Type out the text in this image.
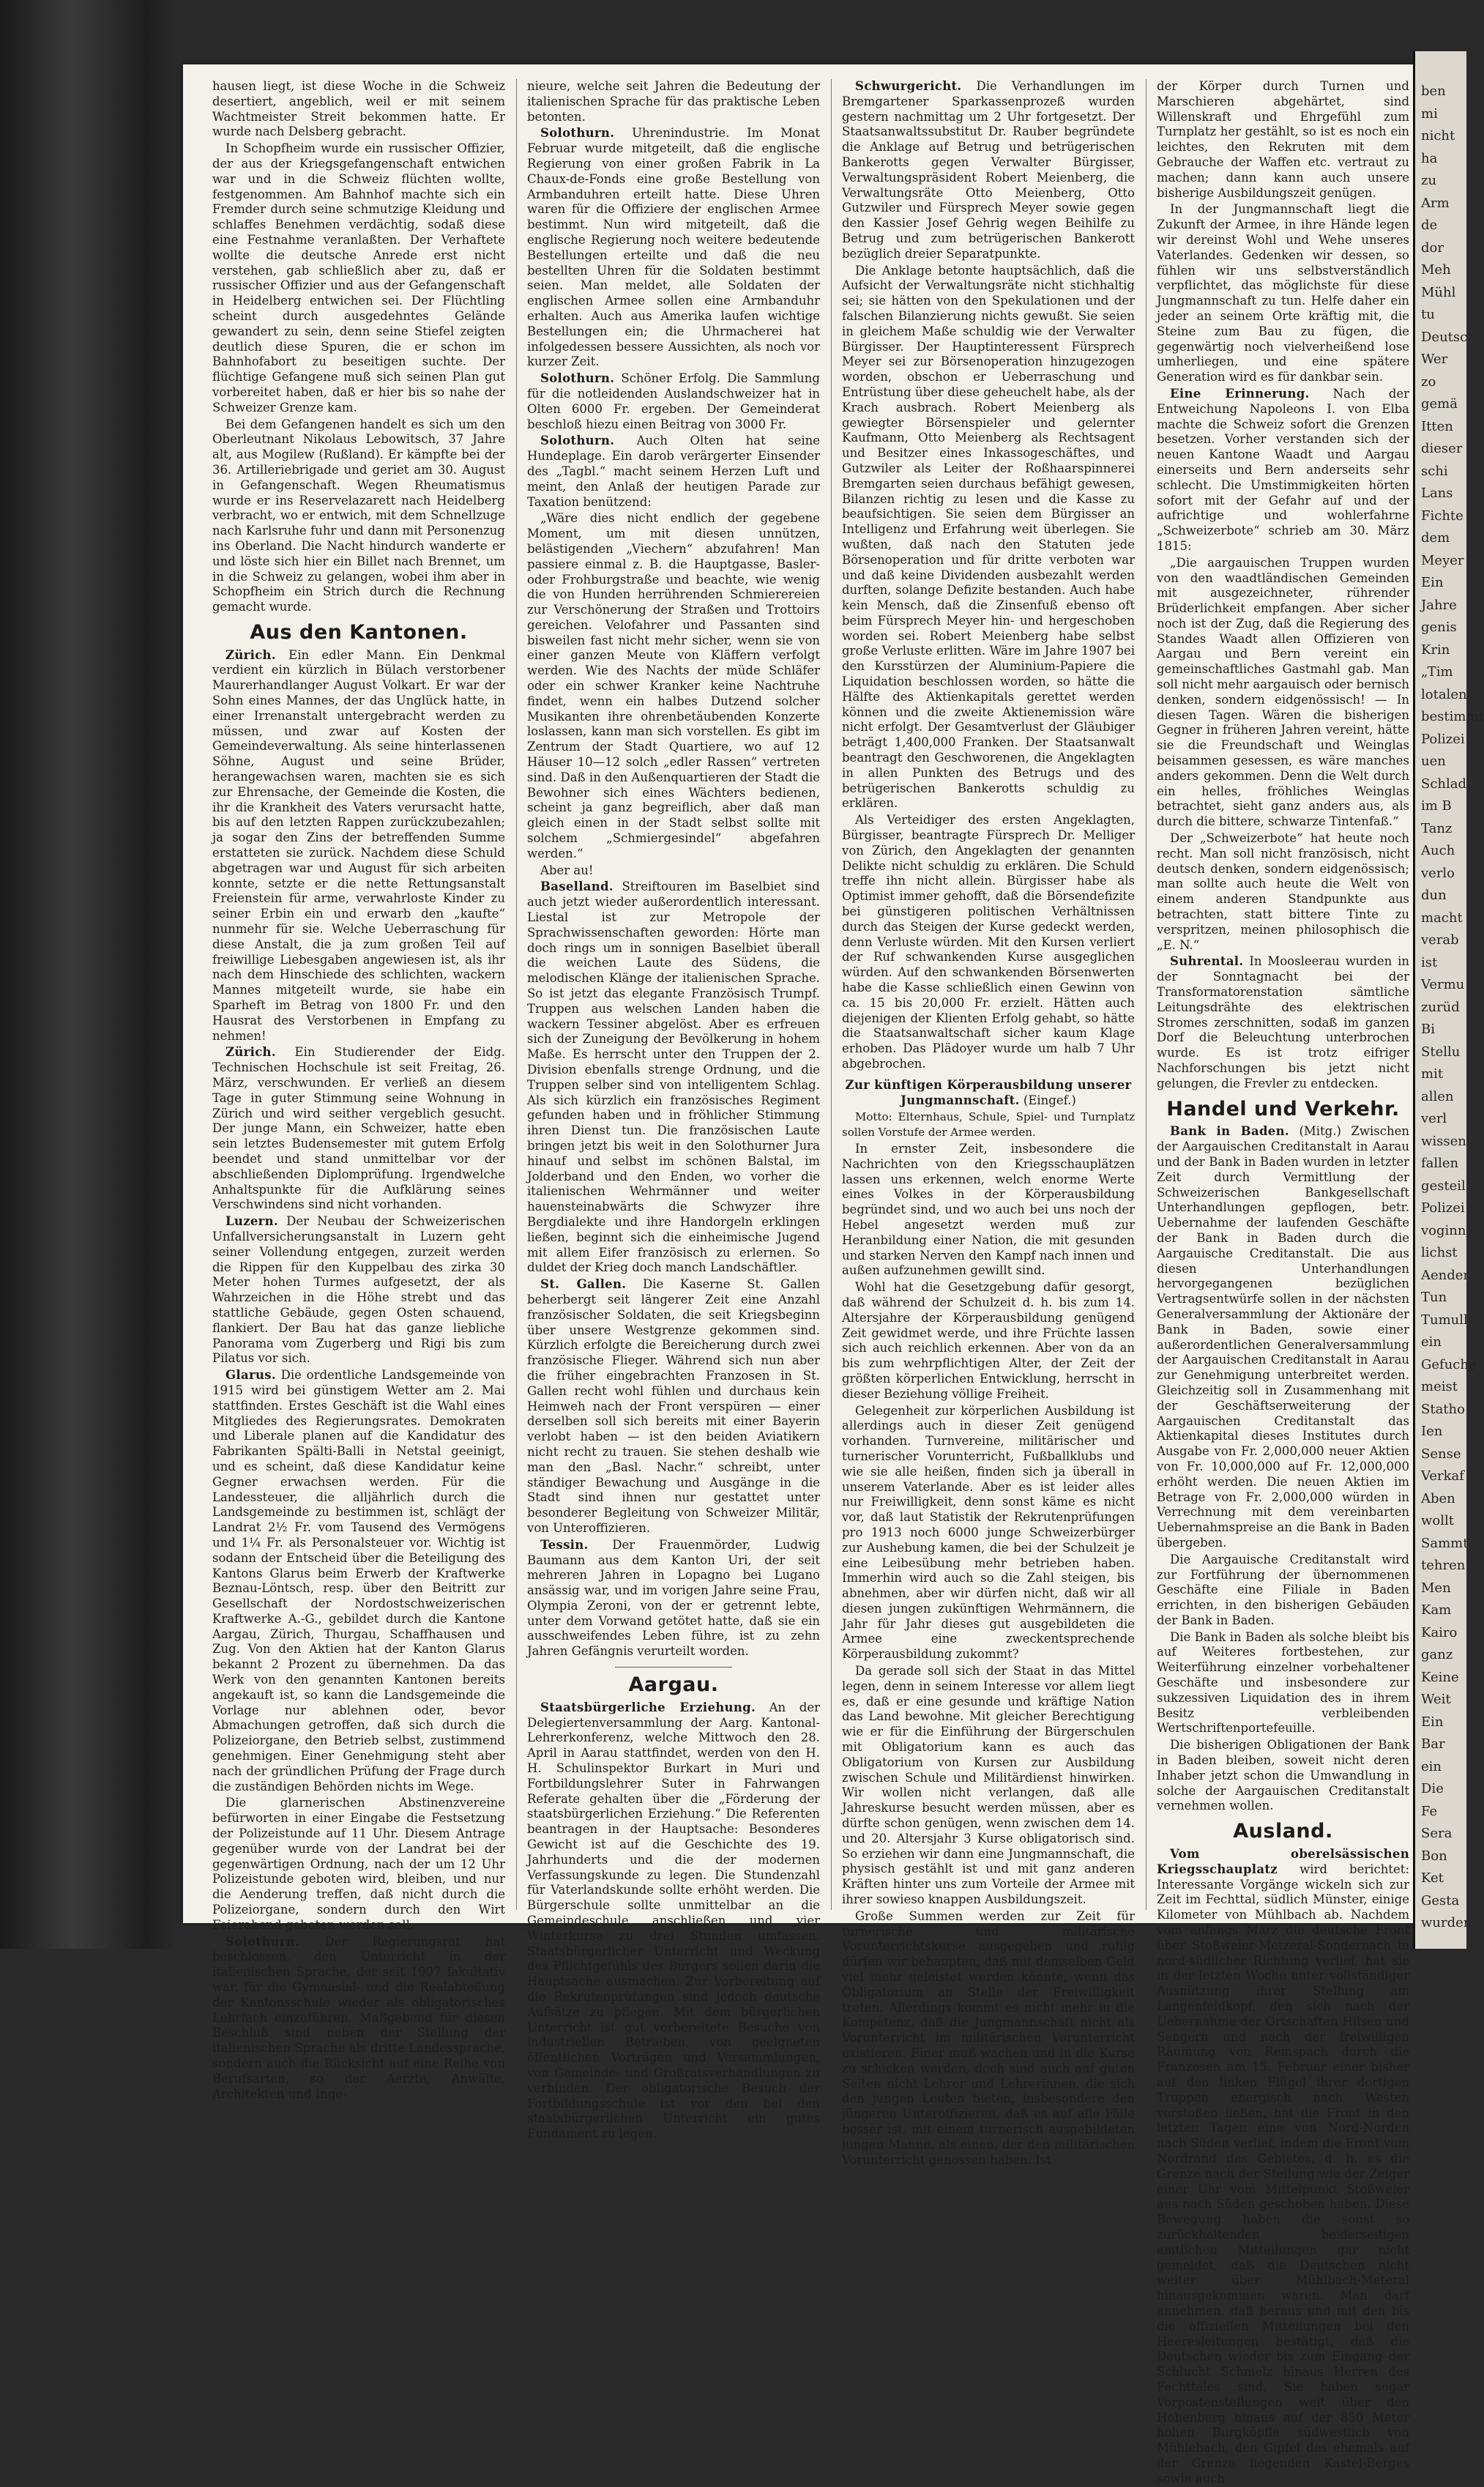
hausen liegt, ist diese Woche in die Schweiz desertiert, angeblich, weil er mit seinem Wachtmeister Streit bekommen hatte. Er wurde nach Delsberg gebracht.

In Schopfheim wurde ein russischer Offizier, der aus der Kriegsgefangenschaft entwichen war und in die Schweiz flüchten wollte, festgenommen. Am Bahnhof machte sich ein Fremder durch seine schmutzige Kleidung und schlaffes Benehmen verdächtig, sodaß diese eine Festnahme veranlaßten. Der Verhaftete wollte die deutsche Anrede erst nicht verstehen, gab schließlich aber zu, daß er russischer Offizier und aus der Gefangenschaft in Heidelberg entwichen sei. Der Flüchtling scheint durch ausgedehntes Gelände gewandert zu sein, denn seine Stiefel zeigten deutlich diese Spuren, die er schon im Bahnhofabort zu beseitigen suchte. Der flüchtige Gefangene muß sich seinen Plan gut vorbereitet haben, daß er hier bis so nahe der Schweizer Grenze kam.

Bei dem Gefangenen handelt es sich um den Oberleutnant Nikolaus Lebowitsch, 37 Jahre alt, aus Mogilew (Rußland). Er kämpfte bei der 36. Artilleriebrigade und geriet am 30. August in Gefangenschaft. Wegen Rheumatismus wurde er ins Reservelazarett nach Heidelberg verbracht, wo er entwich, mit dem Schnellzuge nach Karlsruhe fuhr und dann mit Personenzug ins Oberland. Die Nacht hindurch wanderte er und löste sich hier ein Billet nach Brennet, um in die Schweiz zu gelangen, wobei ihm aber in Schopfheim ein Strich durch die Rechnung gemacht wurde.

Aus den Kantonen.

Zürich. Ein edler Mann. Ein Denkmal verdient ein kürzlich in Bülach verstorbener Maurerhandlanger August Volkart. Er war der Sohn eines Mannes, der das Unglück hatte, in einer Irrenanstalt untergebracht werden zu müssen, und zwar auf Kosten der Gemeindeverwaltung. Als seine hinterlassenen Söhne, August und seine Brüder, herangewachsen waren, machten sie es sich zur Ehrensache, der Gemeinde die Kosten, die ihr die Krankheit des Vaters verursacht hatte, bis auf den letzten Rappen zurückzubezahlen; ja sogar den Zins der betreffenden Summe erstatteten sie zurück. Nachdem diese Schuld abgetragen war und August für sich arbeiten konnte, setzte er die nette Rettungsanstalt Freienstein für arme, verwahrloste Kinder zu seiner Erbin ein und erwarb den „kaufte“ nunmehr für sie. Welche Ueberraschung für diese Anstalt, die ja zum großen Teil auf freiwillige Liebesgaben angewiesen ist, als ihr nach dem Hinschiede des schlichten, wackern Mannes mitgeteilt wurde, sie habe ein Sparheft im Betrag von 1800 Fr. und den Hausrat des Verstorbenen in Empfang zu nehmen!

Zürich. Ein Studierender der Eidg. Technischen Hochschule ist seit Freitag, 26. März, verschwunden. Er verließ an diesem Tage in guter Stimmung seine Wohnung in Zürich und wird seither vergeblich gesucht. Der junge Mann, ein Schweizer, hatte eben sein letztes Budensemester mit gutem Erfolg beendet und stand unmittelbar vor der abschließenden Diplomprüfung. Irgendwelche Anhaltspunkte für die Aufklärung seines Verschwindens sind nicht vorhanden.

Luzern. Der Neubau der Schweizerischen Unfallversicherungsanstalt in Luzern geht seiner Vollendung entgegen, zurzeit werden die Rippen für den Kuppelbau des zirka 30 Meter hohen Turmes aufgesetzt, der als Wahrzeichen in die Höhe strebt und das stattliche Gebäude, gegen Osten schauend, flankiert. Der Bau hat das ganze liebliche Panorama vom Zugerberg und Rigi bis zum Pilatus vor sich.

Glarus. Die ordentliche Landsgemeinde von 1915 wird bei günstigem Wetter am 2. Mai stattfinden. Erstes Geschäft ist die Wahl eines Mitgliedes des Regierungsrates. Demokraten und Liberale planen auf die Kandidatur des Fabrikanten Spälti-Balli in Netstal geeinigt, und es scheint, daß diese Kandidatur keine Gegner erwachsen werden. Für die Landessteuer, die alljährlich durch die Landsgemeinde zu bestimmen ist, schlägt der Landrat 2½ Fr. vom Tausend des Vermögens und 1¼ Fr. als Personalsteuer vor. Wichtig ist sodann der Entscheid über die Beteiligung des Kantons Glarus beim Erwerb der Kraftwerke Beznau-Löntsch, resp. über den Beitritt zur Gesellschaft der Nordostschweizerischen Kraftwerke A.-G., gebildet durch die Kantone Aargau, Zürich, Thurgau, Schaffhausen und Zug. Von den Aktien hat der Kanton Glarus bekannt 2 Prozent zu übernehmen. Da das Werk von den genannten Kantonen bereits angekauft ist, so kann die Landsgemeinde die Vorlage nur ablehnen oder, bevor Abmachungen getroffen, daß sich durch die Polizeiorgane, den Betrieb selbst, zustimmend genehmigen. Einer Genehmigung steht aber nach der gründlichen Prüfung der Frage durch die zuständigen Behörden nichts im Wege.

Die glarnerischen Abstinenzvereine befürworten in einer Eingabe die Festsetzung der Polizeistunde auf 11 Uhr. Diesem Antrage gegenüber wurde von der Landrat bei der gegenwärtigen Ordnung, nach der um 12 Uhr Polizeistunde geboten wird, bleiben, und nur die Aenderung treffen, daß nicht durch die Polizeiorgane, sondern durch den Wirt Feierabend geboten werden soll.

Solothurn. Der Regierungsrat hat beschlossen, den Unterricht in der italienischen Sprache, der seit 1907 fakultativ war, für die Gymnasial- und die Realabteilung der Kantonsschule wieder als obligatorisches Lehrfach einzuführen. Maßgebend für diesen Beschluß sind neben der Stellung der italienischen Sprache als dritte Landessprache, sondern auch die Rücksicht auf eine Reihe von Berufsarten, so der Aerzte, Anwälte, Architekten und Inge-

nieure, welche seit Jahren die Bedeutung der italienischen Sprache für das praktische Leben betonten.

Solothurn. Uhrenindustrie. Im Monat Februar wurde mitgeteilt, daß die englische Regierung von einer großen Fabrik in La Chaux-de-Fonds eine große Bestellung von Armbanduhren erteilt hatte. Diese Uhren waren für die Offiziere der englischen Armee bestimmt. Nun wird mitgeteilt, daß die englische Regierung noch weitere bedeutende Bestellungen erteilte und daß die neu bestellten Uhren für die Soldaten bestimmt seien. Man meldet, alle Soldaten der englischen Armee sollen eine Armbanduhr erhalten. Auch aus Amerika laufen wichtige Bestellungen ein; die Uhrmacherei hat infolgedessen bessere Aussichten, als noch vor kurzer Zeit.

Solothurn. Schöner Erfolg. Die Sammlung für die notleidenden Auslandschweizer hat in Olten 6000 Fr. ergeben. Der Gemeinderat beschloß hiezu einen Beitrag von 3000 Fr.

Solothurn. Auch Olten hat seine Hundeplage. Ein darob verärgerter Einsender des „Tagbl.“ macht seinem Herzen Luft und meint, den Anlaß der heutigen Parade zur Taxation benützend:

„Wäre dies nicht endlich der gegebene Moment, um mit diesen unnützen, belästigenden „Viechern“ abzufahren! Man passiere einmal z. B. die Hauptgasse, Basler- oder Frohburgstraße und beachte, wie wenig die von Hunden herrührenden Schmierereien zur Verschönerung der Straßen und Trottoirs gereichen. Velofahrer und Passanten sind bisweilen fast nicht mehr sicher, wenn sie von einer ganzen Meute von Kläffern verfolgt werden. Wie des Nachts der müde Schläfer oder ein schwer Kranker keine Nachtruhe findet, wenn ein halbes Dutzend solcher Musikanten ihre ohrenbetäubenden Konzerte loslassen, kann man sich vorstellen. Es gibt im Zentrum der Stadt Quartiere, wo auf 12 Häuser 10—12 solch „edler Rassen“ vertreten sind. Daß in den Außenquartieren der Stadt die Bewohner sich eines Wächters bedienen, scheint ja ganz begreiflich, aber daß man gleich einen in der Stadt selbst sollte mit solchem „Schmiergesindel“ abgefahren werden.“

Aber au!

Baselland. Streiftouren im Baselbiet sind auch jetzt wieder außerordentlich interessant. Liestal ist zur Metropole der Sprachwissenschaften geworden: Hörte man doch rings um in sonnigen Baselbiet überall die weichen Laute des Südens, die melodischen Klänge der italienischen Sprache. So ist jetzt das elegante Französisch Trumpf. Truppen aus welschen Landen haben die wackern Tessiner abgelöst. Aber es erfreuen sich der Zuneigung der Bevölkerung in hohem Maße. Es herrscht unter den Truppen der 2. Division ebenfalls strenge Ordnung, und die Truppen selber sind von intelligentem Schlag. Als sich kürzlich ein französisches Regiment gefunden haben und in fröhlicher Stimmung ihren Dienst tun. Die französischen Laute bringen jetzt bis weit in den Solothurner Jura hinauf und selbst im schönen Balstal, im Jolderband und den Enden, wo vorher die italienischen Wehrmänner und weiter hauensteinabwärts die Schwyzer ihre Bergdialekte und ihre Handorgeln erklingen ließen, beginnt sich die einheimische Jugend mit allem Eifer französisch zu erlernen. So duldet der Krieg doch manch Landschäftler.

St. Gallen. Die Kaserne St. Gallen beherbergt seit längerer Zeit eine Anzahl französischer Soldaten, die seit Kriegsbeginn über unsere Westgrenze gekommen sind. Kürzlich erfolgte die Bereicherung durch zwei französische Flieger. Während sich nun aber die früher eingebrachten Franzosen in St. Gallen recht wohl fühlen und durchaus kein Heimweh nach der Front verspüren — einer derselben soll sich bereits mit einer Bayerin verlobt haben — ist den beiden Aviatikern nicht recht zu trauen. Sie stehen deshalb wie man den „Basl. Nachr.“ schreibt, unter ständiger Bewachung und Ausgänge in die Stadt sind ihnen nur gestattet unter besonderer Begleitung von Schweizer Militär, von Unteroffizieren.

Tessin. Der Frauenmörder, Ludwig Baumann aus dem Kanton Uri, der seit mehreren Jahren in Lopagno bei Lugano ansässig war, und im vorigen Jahre seine Frau, Olympia Zeroni, von der er getrennt lebte, unter dem Vorwand getötet hatte, daß sie ein ausschweifendes Leben führe, ist zu zehn Jahren Gefängnis verurteilt worden.

Aargau.

Staatsbürgerliche Erziehung. An der Delegiertenversammlung der Aarg. Kantonal-Lehrerkonferenz, welche Mittwoch den 28. April in Aarau stattfindet, werden von den H. H. Schulinspektor Burkart in Muri und Fortbildungslehrer Suter in Fahrwangen Referate gehalten über die „Förderung der staatsbürgerlichen Erziehung.“ Die Referenten beantragen in der Hauptsache: Besonderes Gewicht ist auf die Geschichte des 19. Jahrhunderts und die der modernen Verfassungskunde zu legen. Die Stundenzahl für Vaterlandskunde sollte erhöht werden. Die Bürgerschule sollte unmittelbar an die Gemeindeschule anschließen und vier Winterkurse zu drei Stunden umfassen. Staatsbürgerlicher Unterricht und Weckung des Pflichtgefühls des Bürgers sollen darin die Hauptsache ausmachen. Zur Vorbereitung auf die Rekrutenprüfungen sind jedoch deutsche Aufsätze zu pflegen. Mit dem bürgerlichen Unterricht ist gut vorbereitete Besuche von industriellen Betrieben, von geeigneten öffentlichen Vorträgen und Versammlungen, von Gemeinde- und Großratsverhandlungen zu verbinden. Der obligatorische Besuch der Fortbildungsschule ist vor den bei den staatsbürgerlichen Unterricht ein gutes Fundament zu legen.

Schwurgericht. Die Verhandlungen im Bremgartener Sparkassenprozeß wurden gestern nachmittag um 2 Uhr fortgesetzt. Der Staatsanwaltssubstitut Dr. Rauber begründete die Anklage auf Betrug und betrügerischen Bankerotts gegen Verwalter Bürgisser, Verwaltungspräsident Robert Meienberg, die Verwaltungsräte Otto Meienberg, Otto Gutzwiler und Fürsprech Meyer sowie gegen den Kassier Josef Gehrig wegen Beihilfe zu Betrug und zum betrügerischen Bankerott bezüglich dreier Separatpunkte.

Die Anklage betonte hauptsächlich, daß die Aufsicht der Verwaltungsräte nicht stichhaltig sei; sie hätten von den Spekulationen und der falschen Bilanzierung nichts gewußt. Sie seien in gleichem Maße schuldig wie der Verwalter Bürgisser. Der Hauptinteressent Fürsprech Meyer sei zur Börsenoperation hinzugezogen worden, obschon er Ueberraschung und Entrüstung über diese geheuchelt habe, als der Krach ausbrach. Robert Meienberg als gewiegter Börsenspieler und gelernter Kaufmann, Otto Meienberg als Rechtsagent und Besitzer eines Inkassogeschäftes, und Gutzwiler als Leiter der Roßhaarspinnerei Bremgarten seien durchaus befähigt gewesen, Bilanzen richtig zu lesen und die Kasse zu beaufsichtigen. Sie seien dem Bürgisser an Intelligenz und Erfahrung weit überlegen. Sie wußten, daß nach den Statuten jede Börsenoperation und für dritte verboten war und daß keine Dividenden ausbezahlt werden durften, solange Defizite bestanden. Auch habe kein Mensch, daß die Zinsenfuß ebenso oft beim Fürsprech Meyer hin- und hergeschoben worden sei. Robert Meienberg habe selbst große Verluste erlitten. Wäre im Jahre 1907 bei den Kursstürzen der Aluminium-Papiere die Liquidation beschlossen worden, so hätte die Hälfte des Aktienkapitals gerettet werden können und die zweite Aktienemission wäre nicht erfolgt. Der Gesamtverlust der Gläubiger beträgt 1,400,000 Franken. Der Staatsanwalt beantragt den Geschworenen, die Angeklagten in allen Punkten des Betrugs und des betrügerischen Bankerotts schuldig zu erklären.

Als Verteidiger des ersten Angeklagten, Bürgisser, beantragte Fürsprech Dr. Melliger von Zürich, den Angeklagten der genannten Delikte nicht schuldig zu erklären. Die Schuld treffe ihn nicht allein. Bürgisser habe als Optimist immer gehofft, daß die Börsendefizite bei günstigeren politischen Verhältnissen durch das Steigen der Kurse gedeckt werden, denn Verluste würden. Mit den Kursen verliert der Ruf schwankenden Kurse ausgeglichen würden. Auf den schwankenden Börsenwerten habe die Kasse schließlich einen Gewinn von ca. 15 bis 20,000 Fr. erzielt. Hätten auch diejenigen der Klienten Erfolg gehabt, so hätte die Staatsanwaltschaft sicher kaum Klage erhoben. Das Plädoyer wurde um halb 7 Uhr abgebrochen.

Zur künftigen Körperausbildung unserer Jungmannschaft. (Eingef.)

Motto: Elternhaus, Schule, Spiel- und Turnplatz sollen Vorstufe der Armee werden.

In ernster Zeit, insbesondere die Nachrichten von den Kriegsschauplätzen lassen uns erkennen, welch enorme Werte eines Volkes in der Körperausbildung begründet sind, und wo auch bei uns noch der Hebel angesetzt werden muß zur Heranbildung einer Nation, die mit gesunden und starken Nerven den Kampf nach innen und außen aufzunehmen gewillt sind.

Wohl hat die Gesetzgebung dafür gesorgt, daß während der Schulzeit d. h. bis zum 14. Altersjahre der Körperausbildung genügend Zeit gewidmet werde, und ihre Früchte lassen sich auch reichlich erkennen. Aber von da an bis zum wehrpflichtigen Alter, der Zeit der größten körperlichen Entwicklung, herrscht in dieser Beziehung völlige Freiheit.

Gelegenheit zur körperlichen Ausbildung ist allerdings auch in dieser Zeit genügend vorhanden. Turnvereine, militärischer und turnerischer Vorunterricht, Fußballklubs und wie sie alle heißen, finden sich ja überall in unserem Vaterlande. Aber es ist leider alles nur Freiwilligkeit, denn sonst käme es nicht vor, daß laut Statistik der Rekrutenprüfungen pro 1913 noch 6000 junge Schweizerbürger zur Aushebung kamen, die bei der Schulzeit je eine Leibesübung mehr betrieben haben. Immerhin wird auch so die Zahl steigen, bis abnehmen, aber wir dürfen nicht, daß wir all diesen jungen zukünftigen Wehrmännern, die Jahr für Jahr dieses gut ausgebildeten die Armee eine zweckentsprechende Körperausbildung zukommt?

Da gerade soll sich der Staat in das Mittel legen, denn in seinem Interesse vor allem liegt es, daß er eine gesunde und kräftige Nation das Land bewohne. Mit gleicher Berechtigung wie er für die Einführung der Bürgerschulen mit Obligatorium kann es auch das Obligatorium von Kursen zur Ausbildung zwischen Schule und Militärdienst hinwirken. Wir wollen nicht verlangen, daß alle Jahreskurse besucht werden müssen, aber es dürfte schon genügen, wenn zwischen dem 14. und 20. Altersjahr 3 Kurse obligatorisch sind. So erziehen wir dann eine Jungmannschaft, die physisch gestählt ist und mit ganz anderen Kräften hinter uns zum Vorteile der Armee mit ihrer sowieso knappen Ausbildungszeit.

Große Summen werden zur Zeit für turnerische und militärische Vorunterrichtskurse ausgegeben und ruhig dürfen wir behaupten, daß mit demselben Geld viel mehr geleistet werden könnte, wenn das Obligatorium an Stelle der Freiwilligkeit treten. Allerdings kommt es nicht mehr in die Kompetenz, daß die Jungmannschaft nicht als Vorunterricht im militärischen Vorunterricht existieren. Einer muß wachen und in die Kurse zu schicken werden, doch sind auch auf guten Seiten nicht Lehrer und Lehrerinnen, die sich den jungen Leuten bieten, insbesondere den jüngeren Unteroffizieren, daß es auf alle Fälle besser ist, mit einem turnerisch ausgebildeten jungen Manne, als einen, der den militärischen Vorunterricht genossen haben. Ist

der Körper durch Turnen und Marschieren abgehärtet, sind Willenskraft und Ehrgefühl zum Turnplatz her gestählt, so ist es noch ein leichtes, den Rekruten mit dem Gebrauche der Waffen etc. vertraut zu machen; dann kann auch unsere bisherige Ausbildungszeit genügen.

In der Jungmannschaft liegt die Zukunft der Armee, in ihre Hände legen wir dereinst Wohl und Wehe unseres Vaterlandes. Gedenken wir dessen, so fühlen wir uns selbstverständlich verpflichtet, das möglichste für diese Jungmannschaft zu tun. Helfe daher ein jeder an seinem Orte kräftig mit, die Steine zum Bau zu fügen, die gegenwärtig noch vielverheißend lose umherliegen, und eine spätere Generation wird es für dankbar sein.

Eine Erinnerung. Nach der Entweichung Napoleons I. von Elba machte die Schweiz sofort die Grenzen besetzen. Vorher verstanden sich der neuen Kantone Waadt und Aargau einerseits und Bern anderseits sehr schlecht. Die Umstimmigkeiten hörten sofort mit der Gefahr auf und der aufrichtige und wohlerfahrne „Schweizerbote“ schrieb am 30. März 1815:

„Die aargauischen Truppen wurden von den waadtländischen Gemeinden mit ausgezeichneter, rührender Brüderlichkeit empfangen. Aber sicher noch ist der Zug, daß die Regierung des Standes Waadt allen Offizieren von Aargau und Bern vereint ein gemeinschaftliches Gastmahl gab. Man soll nicht mehr aargauisch oder bernisch denken, sondern eidgenössisch! — In diesen Tagen. Wären die bisherigen Gegner in früheren Jahren vereint, hätte sie die Freundschaft und Weinglas beisammen gesessen, es wäre manches anders gekommen. Denn die Welt durch ein helles, fröhliches Weinglas betrachtet, sieht ganz anders aus, als durch die bittere, schwarze Tintenfaß.“

Der „Schweizerbote“ hat heute noch recht. Man soll nicht französisch, nicht deutsch denken, sondern eidgenössisch; man sollte auch heute die Welt von einem anderen Standpunkte aus betrachten, statt bittere Tinte zu verspritzen, meinen philosophisch die „E. N.“

Suhrental. In Moosleerau wurden in der Sonntagnacht bei der Transformatorenstation sämtliche Leitungsdrähte des elektrischen Stromes zerschnitten, sodaß im ganzen Dorf die Beleuchtung unterbrochen wurde. Es ist trotz eifriger Nachforschungen bis jetzt nicht gelungen, die Frevler zu entdecken.

Handel und Verkehr.

Bank in Baden. (Mitg.) Zwischen der Aargauischen Creditanstalt in Aarau und der Bank in Baden wurden in letzter Zeit durch Vermittlung der Schweizerischen Bankgesellschaft Unterhandlungen gepflogen, betr. Uebernahme der laufenden Geschäfte der Bank in Baden durch die Aargauische Creditanstalt. Die aus diesen Unterhandlungen hervorgegangenen bezüglichen Vertragsentwürfe sollen in der nächsten Generalversammlung der Aktionäre der Bank in Baden, sowie einer außerordentlichen Generalversammlung der Aargauischen Creditanstalt in Aarau zur Genehmigung unterbreitet werden. Gleichzeitig soll in Zusammenhang mit der Geschäftserweiterung der Aargauischen Creditanstalt das Aktienkapital dieses Institutes durch Ausgabe von Fr. 2,000,000 neuer Aktien von Fr. 10,000,000 auf Fr. 12,000,000 erhöht werden. Die neuen Aktien im Betrage von Fr. 2,000,000 würden in Verrechnung mit dem vereinbarten Uebernahmspreise an die Bank in Baden übergeben.

Die Aargauische Creditanstalt wird zur Fortführung der übernommenen Geschäfte eine Filiale in Baden errichten, in den bisherigen Gebäuden der Bank in Baden.

Die Bank in Baden als solche bleibt bis auf Weiteres fortbestehen, zur Weiterführung einzelner vorbehaltener Geschäfte und insbesondere zur sukzessiven Liquidation des in ihrem Besitz verbleibenden Wertschriftenportefeuille.

Die bisherigen Obligationen der Bank in Baden bleiben, soweit nicht deren Inhaber jetzt schon die Umwandlung in solche der Aargauischen Creditanstalt vernehmen wollen.

Ausland.

Vom oberelsässischen Kriegsschauplatz wird berichtet: Interessante Vorgänge wickeln sich zur Zeit im Fechttal, südlich Münster, einige Kilometer von Mühlbach ab. Nachdem vom anfangs März die deutsche Front über Stoßweier-Metzeral-Sondernach in nord-südlicher Richtung verlief, hat sie in der letzten Woche unter vollständiger Ausnützung ihrer Stellung am Langenfeldkopf, den sich nach der Uebernahme der Ortschaften Hilsen und Sengern und nach der freiwilligen Räumung von Remspach durch die Franzosen am 15. Februar einer bisher auf den linken Flügel ihrer dortigen Truppen energisch nach Westen vorstoßen ließen, hat die Front in den letzten Tagen eine von Nord-Norden nach Süden verlief, indem die Front vom Nordrand des Gebietes, d. h. es die Grenze nach der Stellung wie der Zeiger einer Uhr vom Mittelpunkt Stoßweier aus nach Süden geschoben haben. Diese Bewegung haben die sonst so zurückhaltenden beiderseitigen amtlichen Mitteilungen gar nicht gemeldet, daß die Deutschen nicht weiter über Mühlbach-Meteral hinausgekommen waren. Man darf annehmen, daß heraus und mit den bis die offiziellen Mitteilungen bei den Heeresleitungen bestätigt, daß die Deutschen wieder bis zum Eingang der Schlucht Schmelz hinaus Herren des Fechttales sind. Sie haben sogar Vorpostenstellungen weit über den Hohenberg hinaus auf der 850 Meter hohen Burgköpfle südwestlich von Mühlebach, den Gipfel des ehemals auf der Grenze liegenden Kastel-Berges sowie auch

ben
mi
nicht
ha
zu
Arm
de
dor
Meh
Mühl
tu
Deutsc
Wer
zo
gemä
Itten
dieser
schi
Lans
Fichte
dem
Meyer
Ein
Jahre
genis
Krin
„Tim
lotalen
bestimmt
Polizei
uen
Schlad
im B
Tanz
Auch
verlo
dun
macht
verab
ist
Vermu
zurüd
Bi
Stellu
mit
allen
verl
wissen
fallen
gesteil
Polizei
voginn
lichst
Aender
Tun
Tumull
ein
Gefuche
meist
Statho
Ien
Sense
Verkaf
Aben
wollt
Sammt
tehren
Men
Kam
Kairo
ganz
Keine
Weit
Ein
Bar
ein
Die
Fe
Sera
Bon
Ket
Gesta
wurden
